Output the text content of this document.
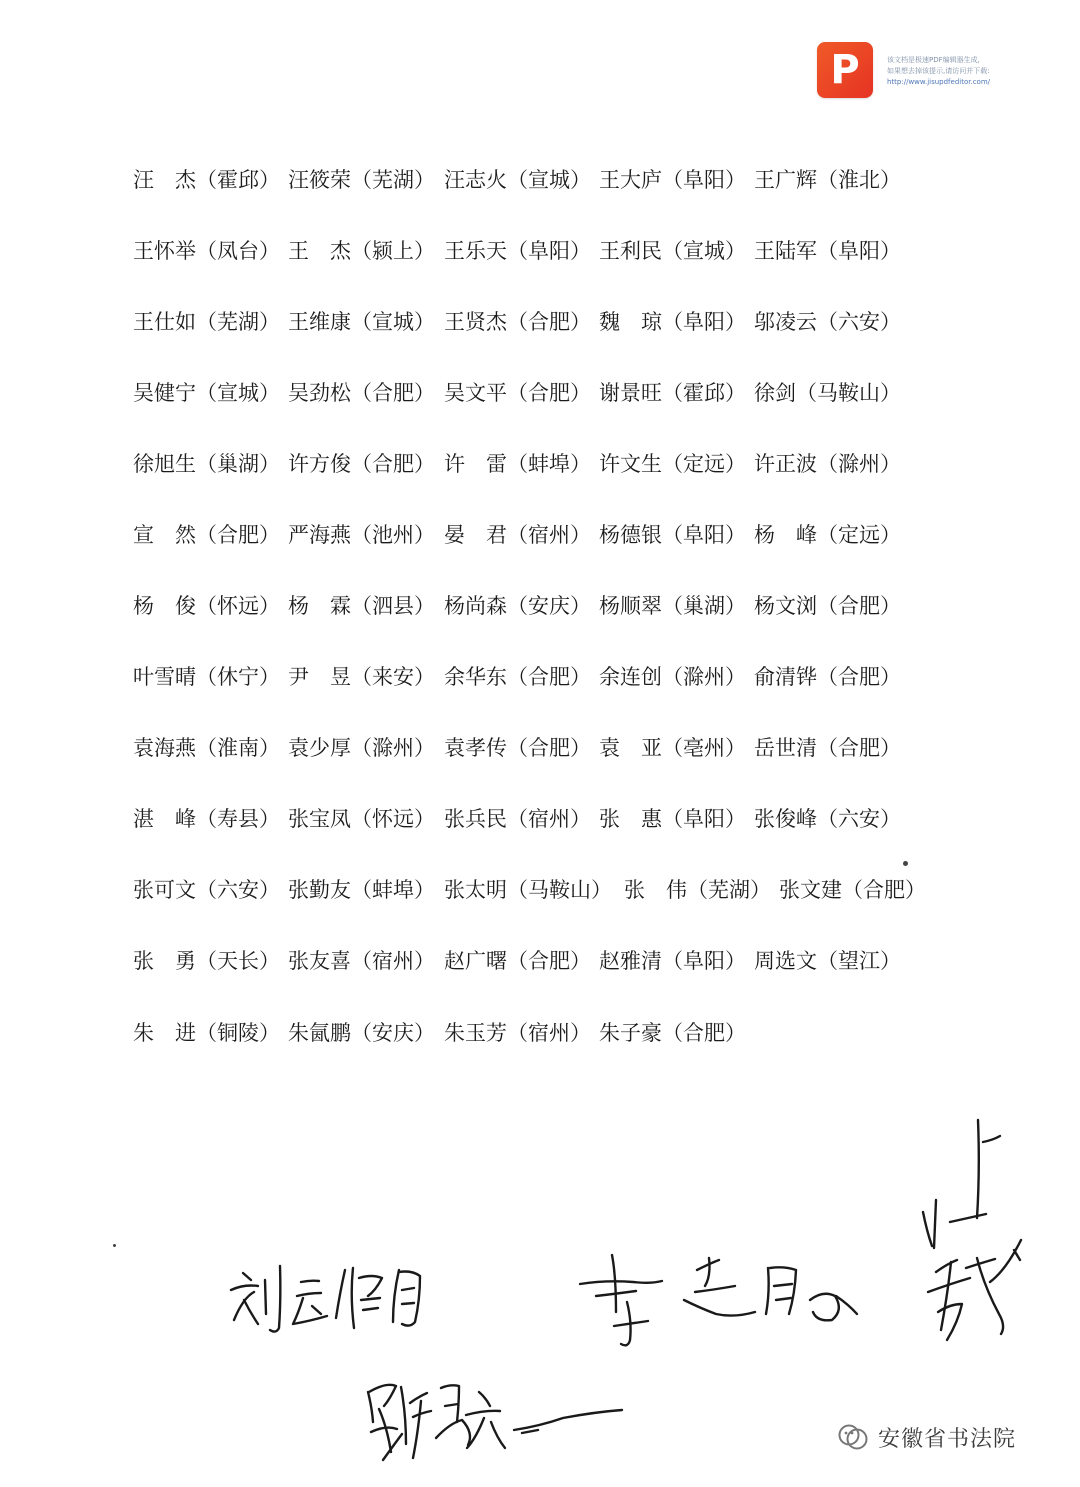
P	该文档是极速PDF编辑器生成,
如果想去掉该提示,请访问并下载:
http://www.jisupdfeditor.com/
汪　杰（霍邱） 汪筱荣（芜湖） 汪志火（宣城） 王大庐（阜阳） 王广辉（淮北）
王怀举（凤台） 王　杰（颍上） 王乐天（阜阳） 王利民（宣城） 王陆军（阜阳）
王仕如（芜湖） 王维康（宣城） 王贤杰（合肥） 魏　琼（阜阳） 邬凌云（六安）
吴健宁（宣城） 吴劲松（合肥） 吴文平（合肥） 谢景旺（霍邱） 徐剑（马鞍山）
徐旭生（巢湖） 许方俊（合肥） 许　雷（蚌埠） 许文生（定远） 许正波（滁州）
宣　然（合肥） 严海燕（池州） 晏　君（宿州） 杨德银（阜阳） 杨　峰（定远）
杨　俊（怀远） 杨　霖（泗县） 杨尚森（安庆） 杨顺翠（巢湖） 杨文浏（合肥）
叶雪晴（休宁） 尹　昱（来安） 余华东（合肥） 余连创（滁州） 俞清铧（合肥）
袁海燕（淮南） 袁少厚（滁州） 袁孝传（合肥） 袁　亚（亳州） 岳世清（合肥）
湛　峰（寿县） 张宝凤（怀远） 张兵民（宿州） 张　惠（阜阳） 张俊峰（六安）
张可文（六安） 张勤友（蚌埠） 张太明（马鞍山） 张　伟（芜湖） 张文建（合肥）
张　勇（天长） 张友喜（宿州） 赵广曙（合肥） 赵雅清（阜阳） 周选文（望江）
朱　进（铜陵） 朱氤鹏（安庆） 朱玉芳（宿州） 朱子豪（合肥）
安徽省书法院
